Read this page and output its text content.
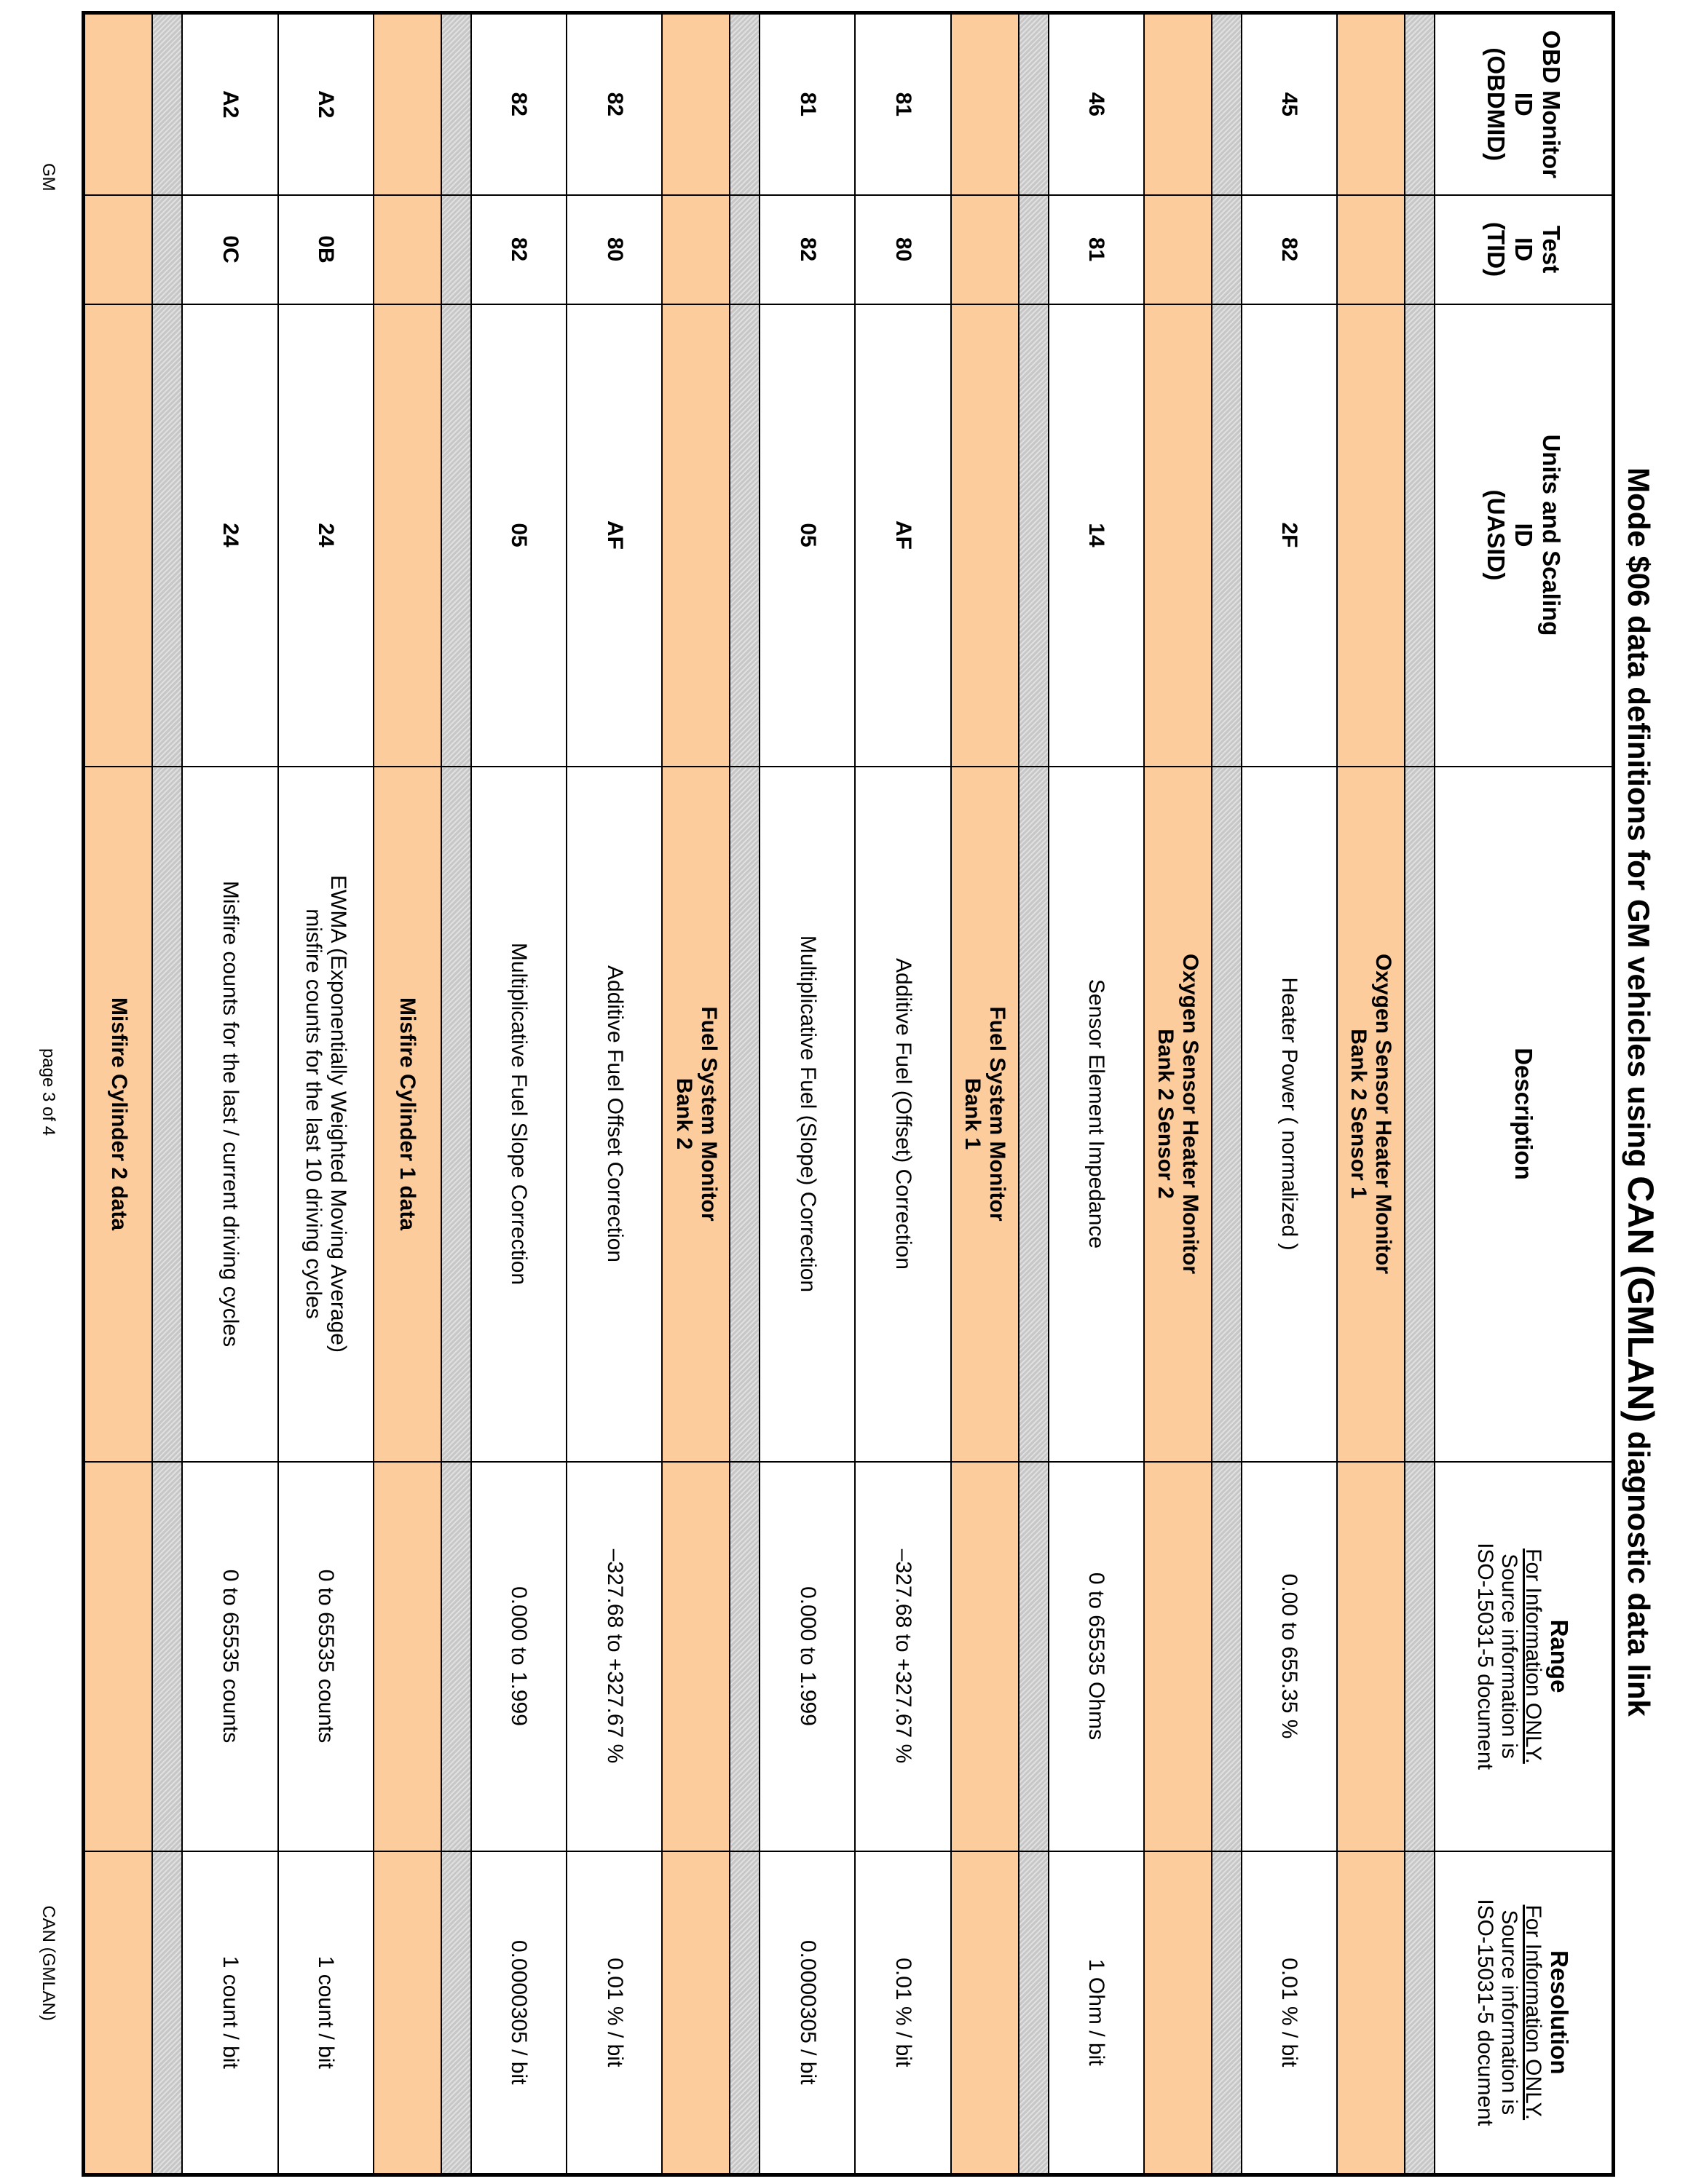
Mode $06 data definitions for GM vehicles using CAN (GMLAN) diagnostic data link
OBD Monitor
ID
(OBDMID)	Test
ID
(TID)	Units and Scaling
ID
(UASID)	Description	Range
For Information ONLY.
Source information is
ISO-15031-5 document	Resolution
For Information ONLY.
Source information is
ISO-15031-5 document

			Oxygen Sensor Heater Monitor
Bank 2 Sensor 1		
45	82	2F	Heater Power ( normalized )	0.00 to 655.35 %	0.01 % / bit

			Oxygen Sensor Heater Monitor
Bank 2 Sensor 2		
46	81	14	Sensor Element Impedance	0 to 65535 Ohms	1 Ohm / bit

			Fuel System Monitor
Bank 1		
81	80	AF	Additive Fuel (Offset) Correction	–327.68 to +327.67 %	0.01 % / bit
81	82	05	Multiplicative Fuel (Slope) Correction	0.000 to 1.999	0.0000305 / bit

			Fuel System Monitor
Bank 2		
82	80	AF	Additive Fuel Offset Correction	–327.68 to +327.67 %	0.01 % / bit
82	82	05	Multiplicative Fuel Slope Correction	0.000 to 1.999	0.0000305 / bit

			Misfire Cylinder 1 data		
A2	0B	24	EWMA (Exponentially Weighted Moving Average)
misfire counts for the last 10 driving cycles	0 to 65535 counts	1 count / bit
A2	0C	24	Misfire counts for the last / current driving cycles	0 to 65535 counts	1 count / bit

			Misfire Cylinder 2 data		
GM
page 3 of 4
CAN (GMLAN)
